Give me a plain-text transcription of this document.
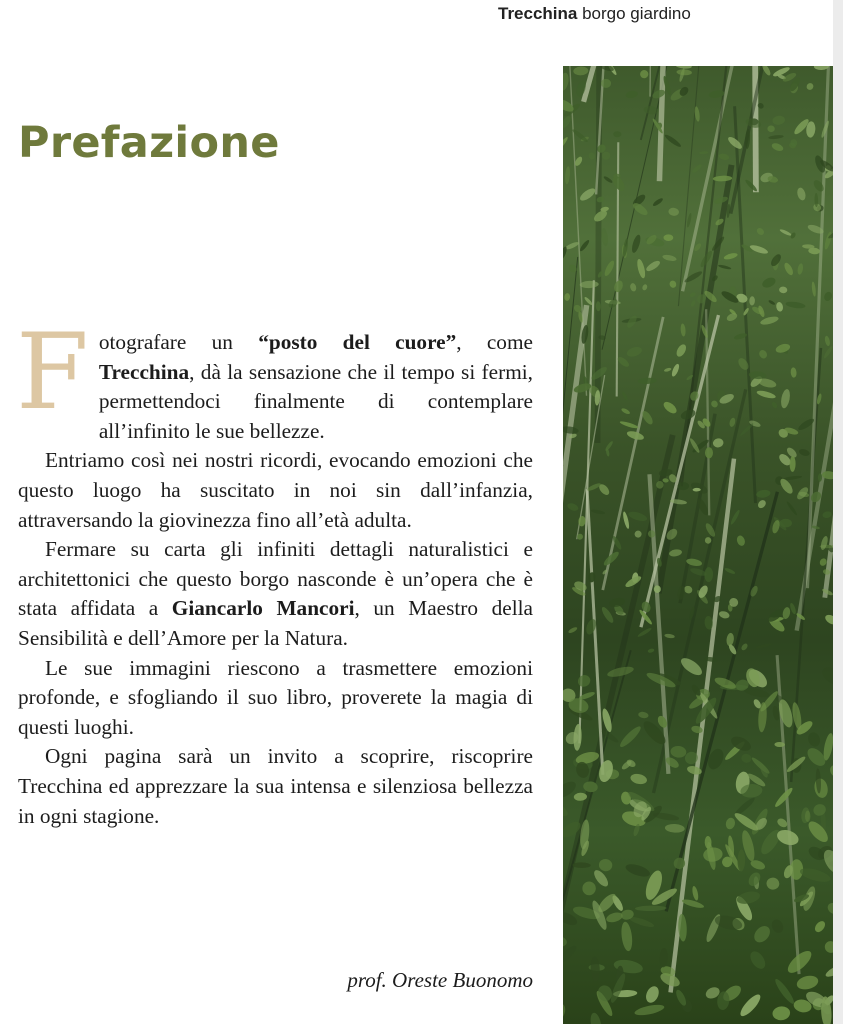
Trecchina borgo giardino
Prefazione

Fotografare un “posto del cuore”, come Trecchina, dà la sensazione che il tempo si fermi, permettendoci finalmente di contemplare all’infinito le sue bellezze.

Entriamo così nei nostri ricordi, evocando emozioni che questo luogo ha suscitato in noi sin dall’infanzia, attraversando la giovinezza fino all’età adulta.

Fermare su carta gli infiniti dettagli naturalistici e architettonici che questo borgo nasconde è un’opera che è stata affidata a Giancarlo Mancori, un Maestro della Sensibilità e dell’Amore per la Natura.

Le sue immagini riescono a trasmettere emozioni profonde, e sfogliando il suo libro, proverete la magia di questi luoghi.

Ogni pagina sarà un invito a scoprire, riscoprire Trecchina ed apprezzare la sua intensa e silenziosa bellezza in ogni stagione.

prof. Oreste Buonomo
